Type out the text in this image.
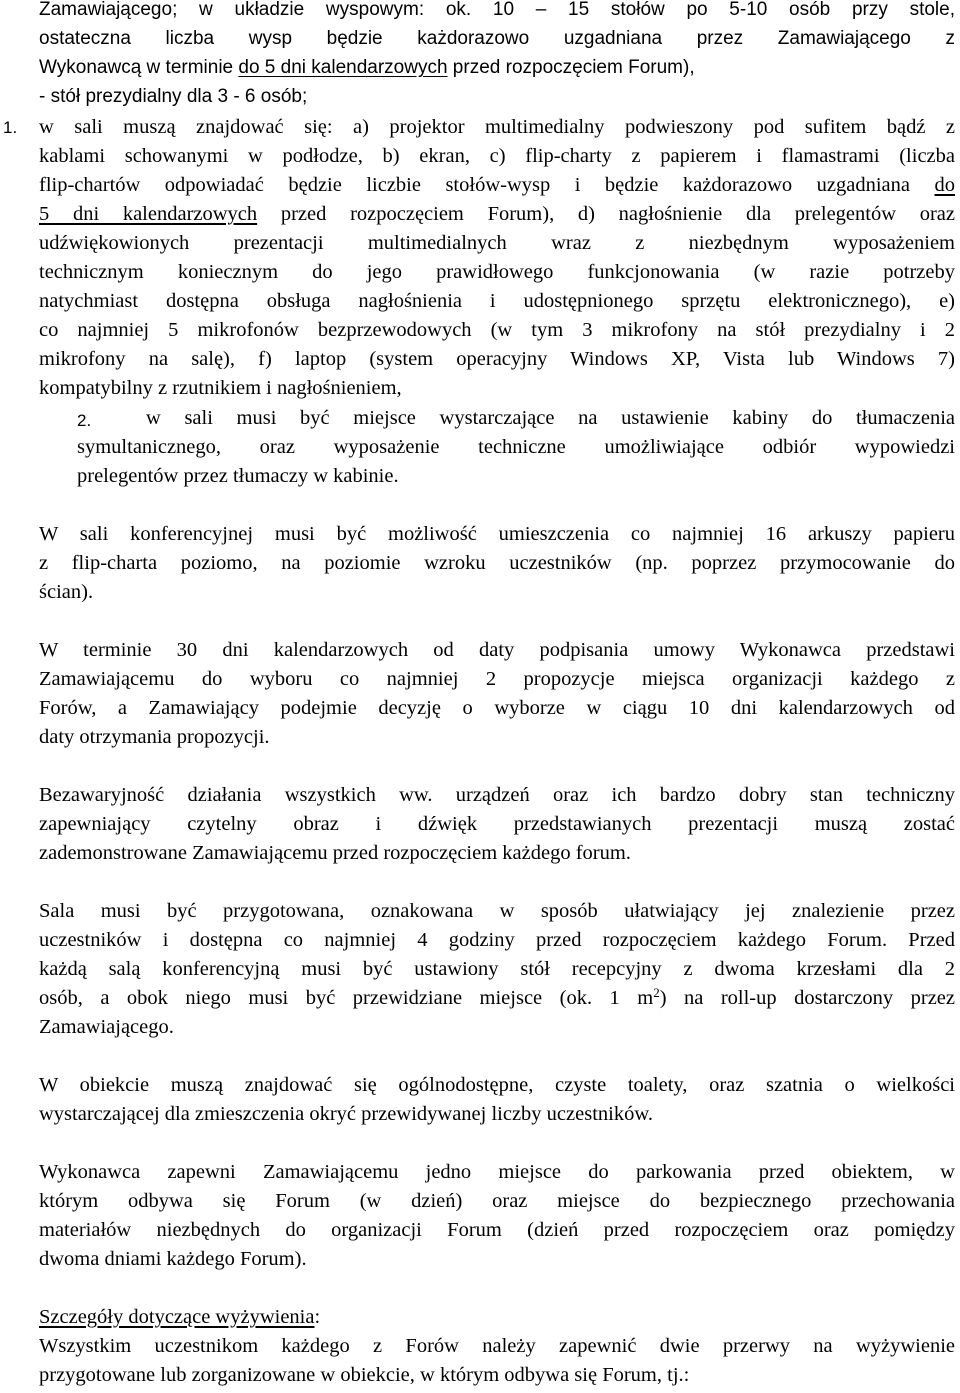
Zamawiającego; w układzie wyspowym: ok. 10 – 15 stołów po 5-10 osób przy stole,
ostateczna liczba wysp będzie każdorazowo uzgadniana przez Zamawiającego z
Wykonawcą w terminie do 5 dni kalendarzowych przed rozpoczęciem Forum),
- stół prezydialny dla 3 - 6 osób;
1. w sali muszą znajdować się: a) projektor multimedialny podwieszony pod sufitem bądź z
kablami schowanymi w podłodze, b) ekran, c) flip-charty z papierem i flamastrami (liczba
flip-chartów odpowiadać będzie liczbie stołów-wysp i będzie każdorazowo uzgadniana do
5 dni kalendarzowych przed rozpoczęciem Forum), d) nagłośnienie dla prelegentów oraz
udźwiękowionych prezentacji multimedialnych wraz z niezbędnym wyposażeniem
technicznym koniecznym do jego prawidłowego funkcjonowania (w razie potrzeby
natychmiast dostępna obsługa nagłośnienia i udostępnionego sprzętu elektronicznego), e)
co najmniej 5 mikrofonów bezprzewodowych (w tym 3 mikrofony na stół prezydialny i 2
mikrofony na salę), f) laptop (system operacyjny Windows XP, Vista lub Windows 7)
kompatybilny z rzutnikiem i nagłośnieniem,
2.	w sali musi być miejsce wystarczające na ustawienie kabiny do tłumaczenia
symultanicznego, oraz wyposażenie techniczne umożliwiające odbiór wypowiedzi
prelegentów przez tłumaczy w kabinie.
W sali konferencyjnej musi być możliwość umieszczenia co najmniej 16 arkuszy papieru
z flip-charta poziomo, na poziomie wzroku uczestników (np. poprzez przymocowanie do
ścian).
W terminie 30 dni kalendarzowych od daty podpisania umowy Wykonawca przedstawi
Zamawiającemu do wyboru co najmniej 2 propozycje miejsca organizacji każdego z
Forów, a Zamawiający podejmie decyzję o wyborze w ciągu 10 dni kalendarzowych od
daty otrzymania propozycji.
Bezawaryjność działania wszystkich ww. urządzeń oraz ich bardzo dobry stan techniczny
zapewniający czytelny obraz i dźwięk przedstawianych prezentacji muszą zostać
zademonstrowane Zamawiającemu przed rozpoczęciem każdego forum.
Sala musi być przygotowana, oznakowana w sposób ułatwiający jej znalezienie przez
uczestników i dostępna co najmniej 4 godziny przed rozpoczęciem każdego Forum. Przed
każdą salą konferencyjną musi być ustawiony stół recepcyjny z dwoma krzesłami dla 2
osób, a obok niego musi być przewidziane miejsce (ok. 1 $m^2$) na roll-up dostarczony przez
Zamawiającego.
W obiekcie muszą znajdować się ogólnodostępne, czyste toalety, oraz szatnia o wielkości
wystarczającej dla zmieszczenia okryć przewidywanej liczby uczestników.
Wykonawca zapewni Zamawiającemu jedno miejsce do parkowania przed obiektem, w
którym odbywa się Forum (w dzień) oraz miejsce do bezpiecznego przechowania
materiałów niezbędnych do organizacji Forum (dzień przed rozpoczęciem oraz pomiędzy
dwoma dniami każdego Forum).
Szczegóły dotyczące wyżywienia:
Wszystkim uczestnikom każdego z Forów należy zapewnić dwie przerwy na wyżywienie
przygotowane lub zorganizowane w obiekcie, w którym odbywa się Forum, tj.:
